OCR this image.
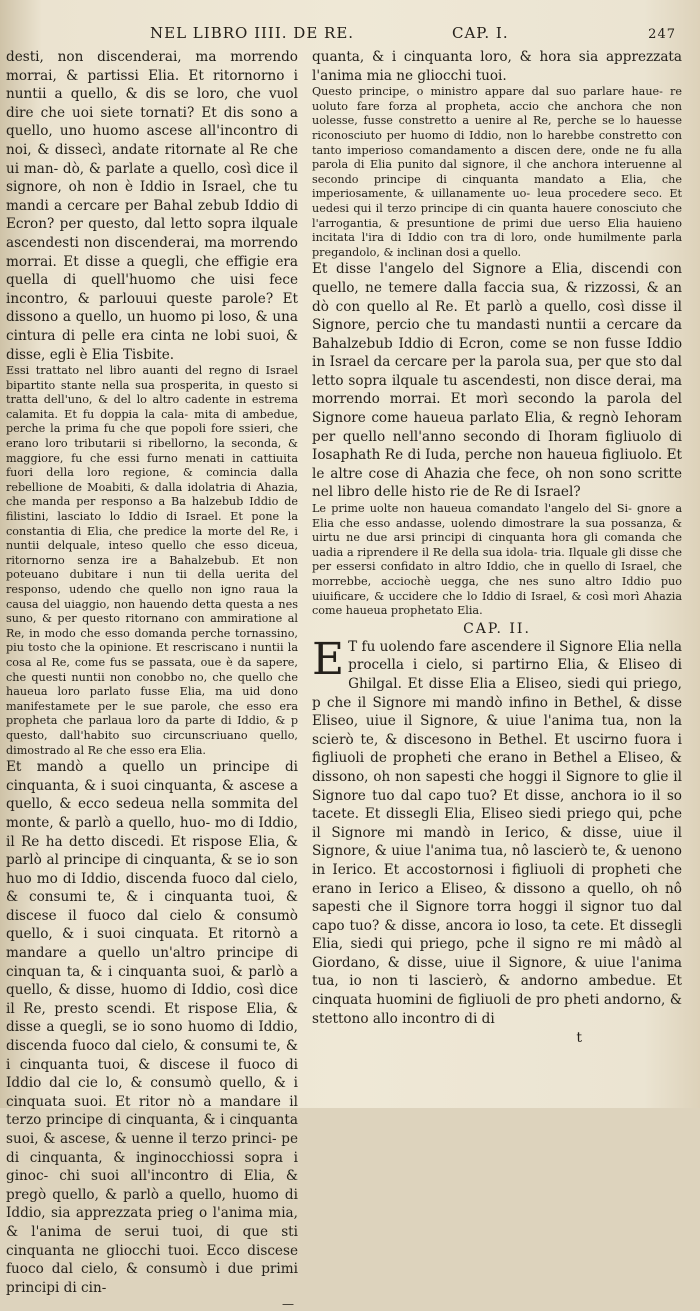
NEL LIBRO IIII. DE RE.	CAP. I.	247

desti, non discenderai, ma morrendo morrai, & partissi Elia. Et ritornorno i nuntii a quello, & dis se loro, che vuol dire che uoi siete tornati? Et dis sono a quello, uno huomo ascese all'incontro di noi, & dissecì, andate ritornate al Re che ui man- dò, & parlate a quello, così dice il signore, oh non è Iddio in Israel, che tu mandi a cercare per Bahal zebub Iddio di Ecron? per questo, dal letto sopra ilquale ascendesti non discenderai, ma morrendo morrai. Et disse a quegli, che effigie era quella di quell'huomo che uisi fece incontro, & parlouui queste parole? Et dissono a quello, un huomo pi loso, & una cintura di pelle era cinta ne lobi suoi, & disse, egli è Elia Tisbite.

Essi trattato nel libro auanti del regno di Israel bipartito stante nella sua prosperita, in questo si tratta dell'uno, & del lo altro cadente in estrema calamita. Et fu doppia la cala- mita di ambedue, perche la prima fu che que popoli fore ssieri, che erano loro tributarii si ribellorno, la seconda, & maggiore, fu che essi furno menati in cattiuita fuori della loro regione, & comincia dalla rebellione de Moabiti, & dalla idolatria di Ahazia, che manda per responso a Ba halzebub Iddio de filistini, lasciato lo Iddio di Israel. Et pone la constantia di Elia, che predice la morte del Re, i nuntii delquale, inteso quello che esso diceua, ritornorno senza ire a Bahalzebub. Et non poteuano dubitare i nun tii della uerita del responso, udendo che quello non igno raua la causa del uiaggio, non hauendo detta questa a nes suno, & per questo ritornano con ammiratione al Re, in modo che esso domanda perche tornassino, piu tosto che la opinione. Et rescriscano i nuntii la cosa al Re, come fus se passata, oue è da sapere, che questi nuntii non conobbo no, che quello che haueua loro parlato fusse Elia, ma uid dono manifestamete per le sue parole, che esso era propheta che parlaua loro da parte di Iddio, & p questo, dall'habito suo circunscriuano quello, dimostrado al Re che esso era Elia.

Et mandò a quello un principe di cinquanta, & i suoi cinquanta, & ascese a quello, & ecco sedeua nella sommita del monte, & parlò a quello, huo- mo di Iddio, il Re ha detto discedi. Et rispose Elia, & parlò al principe di cinquanta, & se io son huo mo di Iddio, discenda fuoco dal cielo, & consumi te, & i cinquanta tuoi, & discese il fuoco dal cielo & consumò quello, & i suoi cinquata. Et ritornò a mandare a quello un'altro principe di cinquan ta, & i cinquanta suoi, & parlò a quello, & disse, huomo di Iddio, così dice il Re, presto scendi. Et rispose Elia, & disse a quegli, se io sono huomo di Iddio, discenda fuoco dal cielo, & consumi te, & i cinquanta tuoi, & discese il fuoco di Iddio dal cie lo, & consumò quello, & i cinquata suoi. Et ritor nò a mandare il terzo principe di cinquanta, & i cinquanta suoi, & ascese, & uenne il terzo princi- pe di cinquanta, & inginocchiossi sopra i ginoc- chi suoi all'incontro di Elia, & pregò quello, & parlò a quello, huomo di Iddio, sia apprezzata prieg o l'anima mia, & l'anima de serui tuoi, di que sti cinquanta ne gliocchi tuoi. Ecco discese fuoco dal cielo, & consumò i due primi principi di cin-

—

quanta, & i cinquanta loro, & hora sia apprezzata l'anima mia ne gliocchi tuoi.

Questo principe, o ministro appare dal suo parlare haue- re uoluto fare forza al propheta, accio che anchora che non uolesse, fusse constretto a uenire al Re, perche se lo hauesse riconosciuto per huomo di Iddio, non lo harebbe constretto con tanto imperioso comandamento a discen dere, onde ne fu alla parola di Elia punito dal signore, il che anchora interuenne al secondo principe di cinquanta mandato a Elia, che imperiosamente, & uillanamente uo- leua procedere seco. Et uedesi qui il terzo principe di cin quanta hauere conosciuto che l'arrogantia, & presuntione de primi due uerso Elia hauieno incitata l'ira di Iddio con tra di loro, onde humilmente parla pregandolo, & inclinan dosi a quello.

Et disse l'angelo del Signore a Elia, discendi con quello, ne temere dalla faccia sua, & rizzossi, & an dò con quello al Re. Et parlò a quello, così disse il Signore, percio che tu mandasti nuntii a cercare da Bahalzebub Iddio di Ecron, come se non fusse Iddio in Israel da cercare per la parola sua, per que sto dal letto sopra ilquale tu ascendesti, non disce derai, ma morrendo morrai. Et morì secondo la parola del Signore come haueua parlato Elia, & regnò Iehoram per quello nell'anno secondo di Ihoram figliuolo di Iosaphath Re di Iuda, perche non haueua figliuolo. Et le altre cose di Ahazia che fece, oh non sono scritte nel libro delle histo rie de Re di Israel?

Le prime uolte non haueua comandato l'angelo del Si- gnore a Elia che esso andasse, uolendo dimostrare la sua possanza, & uirtu ne due arsi principi di cinquanta hora gli comanda che uadia a riprendere il Re della sua idola- tria. Ilquale gli disse che per essersi confidato in altro Iddio, che in quello di Israel, che morrebbe, acciochè uegga, che nes suno altro Iddio puo uiuificare, & uccidere che lo Iddio di Israel, & così morì Ahazia come haueua prophetato Elia.

CAP. II.

E T fu uolendo fare ascendere il Signore Elia nella procella i cielo, si partirno Elia, & Eliseo di Ghilgal. Et disse Elia a Eliseo, siedi qui priego, p che il Signore mi mandò infino in Bethel, & disse Eliseo, uiue il Signore, & uiue l'anima tua, non la scierò te, & discesono in Bethel. Et uscirno fuora i figliuoli de propheti che erano in Bethel a Eliseo, & dissono, oh non sapesti che hoggi il Signore to glie il Signore tuo dal capo tuo? Et disse, anchora io il so tacete. Et dissegli Elia, Eliseo siedi priego qui, pche il Signore mi mandò in Ierico, & disse, uiue il Signore, & uiue l'anima tua, nô lascierò te, & uenono in Ierico. Et accostornosi i figliuoli di propheti che erano in Ierico a Eliseo, & dissono a quello, oh nô sapesti che il Signore torra hoggi il signor tuo dal capo tuo? & disse, ancora io loso, ta cete. Et dissegli Elia, siedi qui priego, pche il signo re mi mâdò al Giordano, & disse, uiue il Signore, & uiue l'anima tua, io non ti lascierò, & andorno ambedue. Et cinquata huomini de figliuoli de pro pheti andorno, & stettono allo incontro di di

t
